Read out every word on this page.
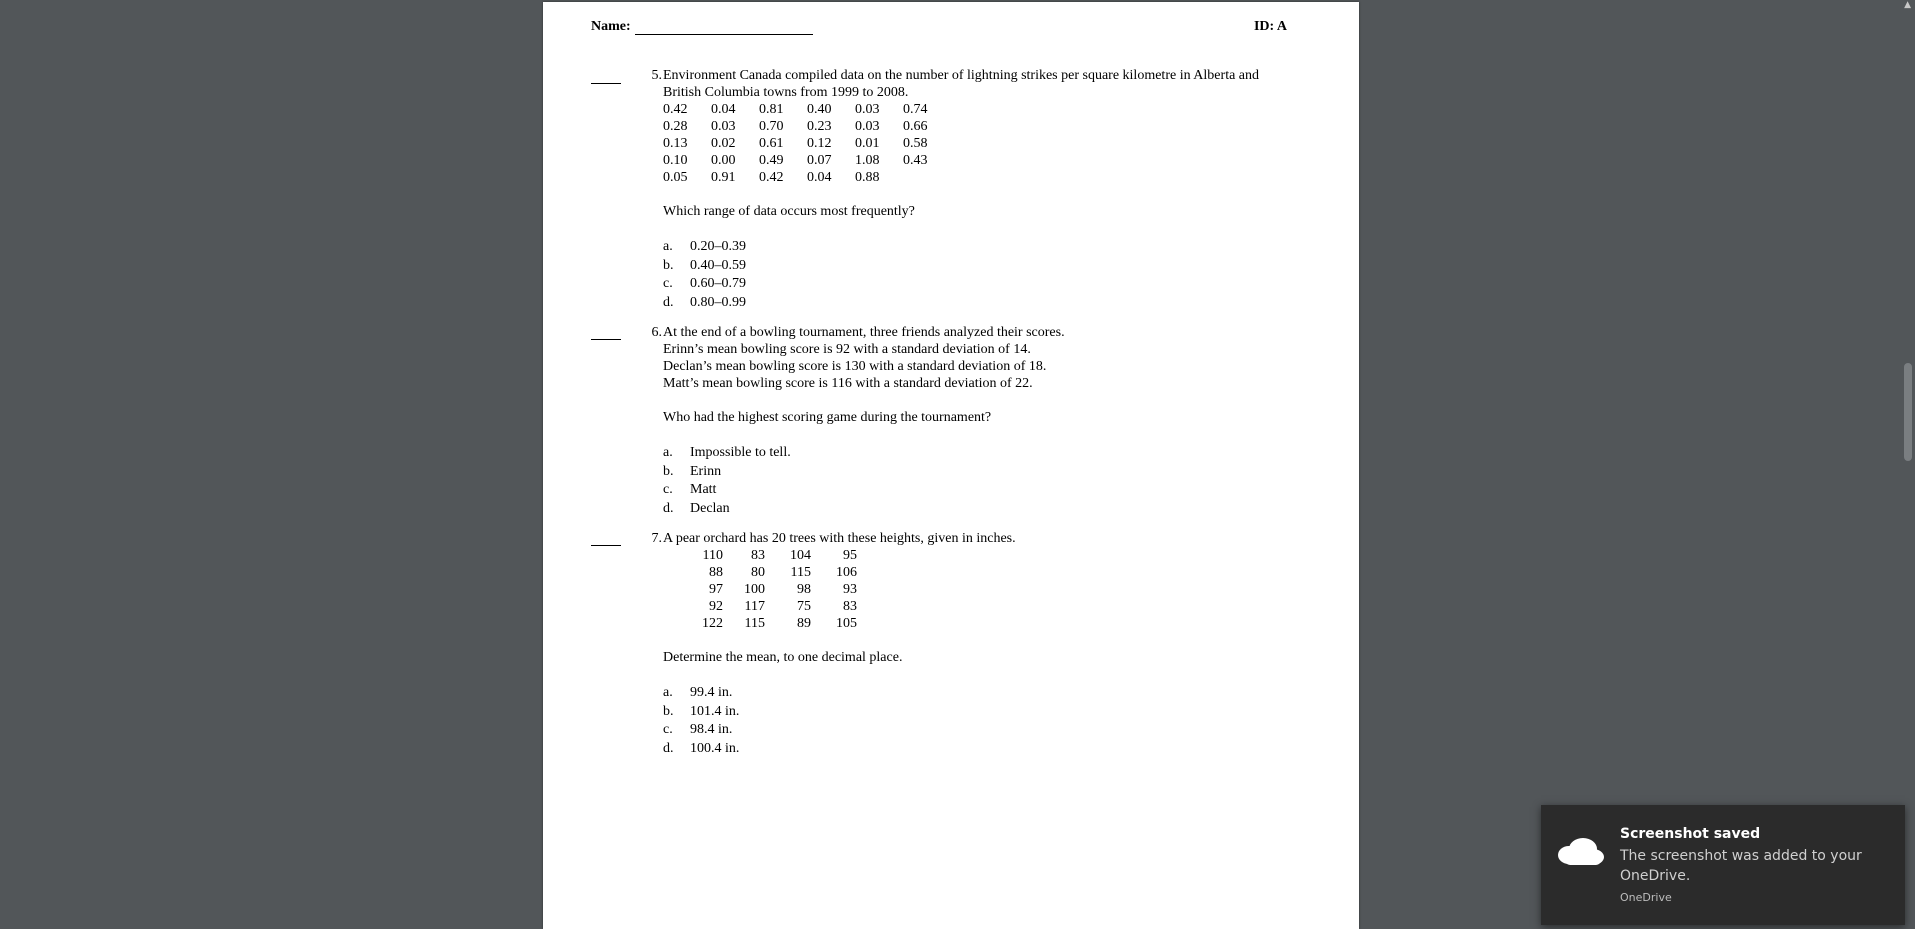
Name:	ID: A
5. Environment Canada compiled data on the number of lightning strikes per square kilometre in Alberta and
British Columbia towns from 1999 to 2008.
0.42 0.04 0.81 0.40 0.03 0.74
0.28 0.03 0.70 0.23 0.03 0.66
0.13 0.02 0.61 0.12 0.01 0.58
0.10 0.00 0.49 0.07 1.08 0.43
0.05 0.91 0.42 0.04 0.88
Which range of data occurs most frequently?
a. 0.20–0.39
b. 0.40–0.59
c. 0.60–0.79
d. 0.80–0.99
6. At the end of a bowling tournament, three friends analyzed their scores.
Erinn’s mean bowling score is 92 with a standard deviation of 14.
Declan’s mean bowling score is 130 with a standard deviation of 18.
Matt’s mean bowling score is 116 with a standard deviation of 22.
Who had the highest scoring game during the tournament?
a. Impossible to tell.
b. Erinn
c. Matt
d. Declan
7. A pear orchard has 20 trees with these heights, given in inches.
110	83	104	95
88	80	115	106
97	100	98	93
92	117	75	83
122	115	89	105
Determine the mean, to one decimal place.
a. 99.4 in.
b. 101.4 in.
c. 98.4 in.
d. 100.4 in.
▲
Screenshot saved
The screenshot was added to your OneDrive.
OneDrive
